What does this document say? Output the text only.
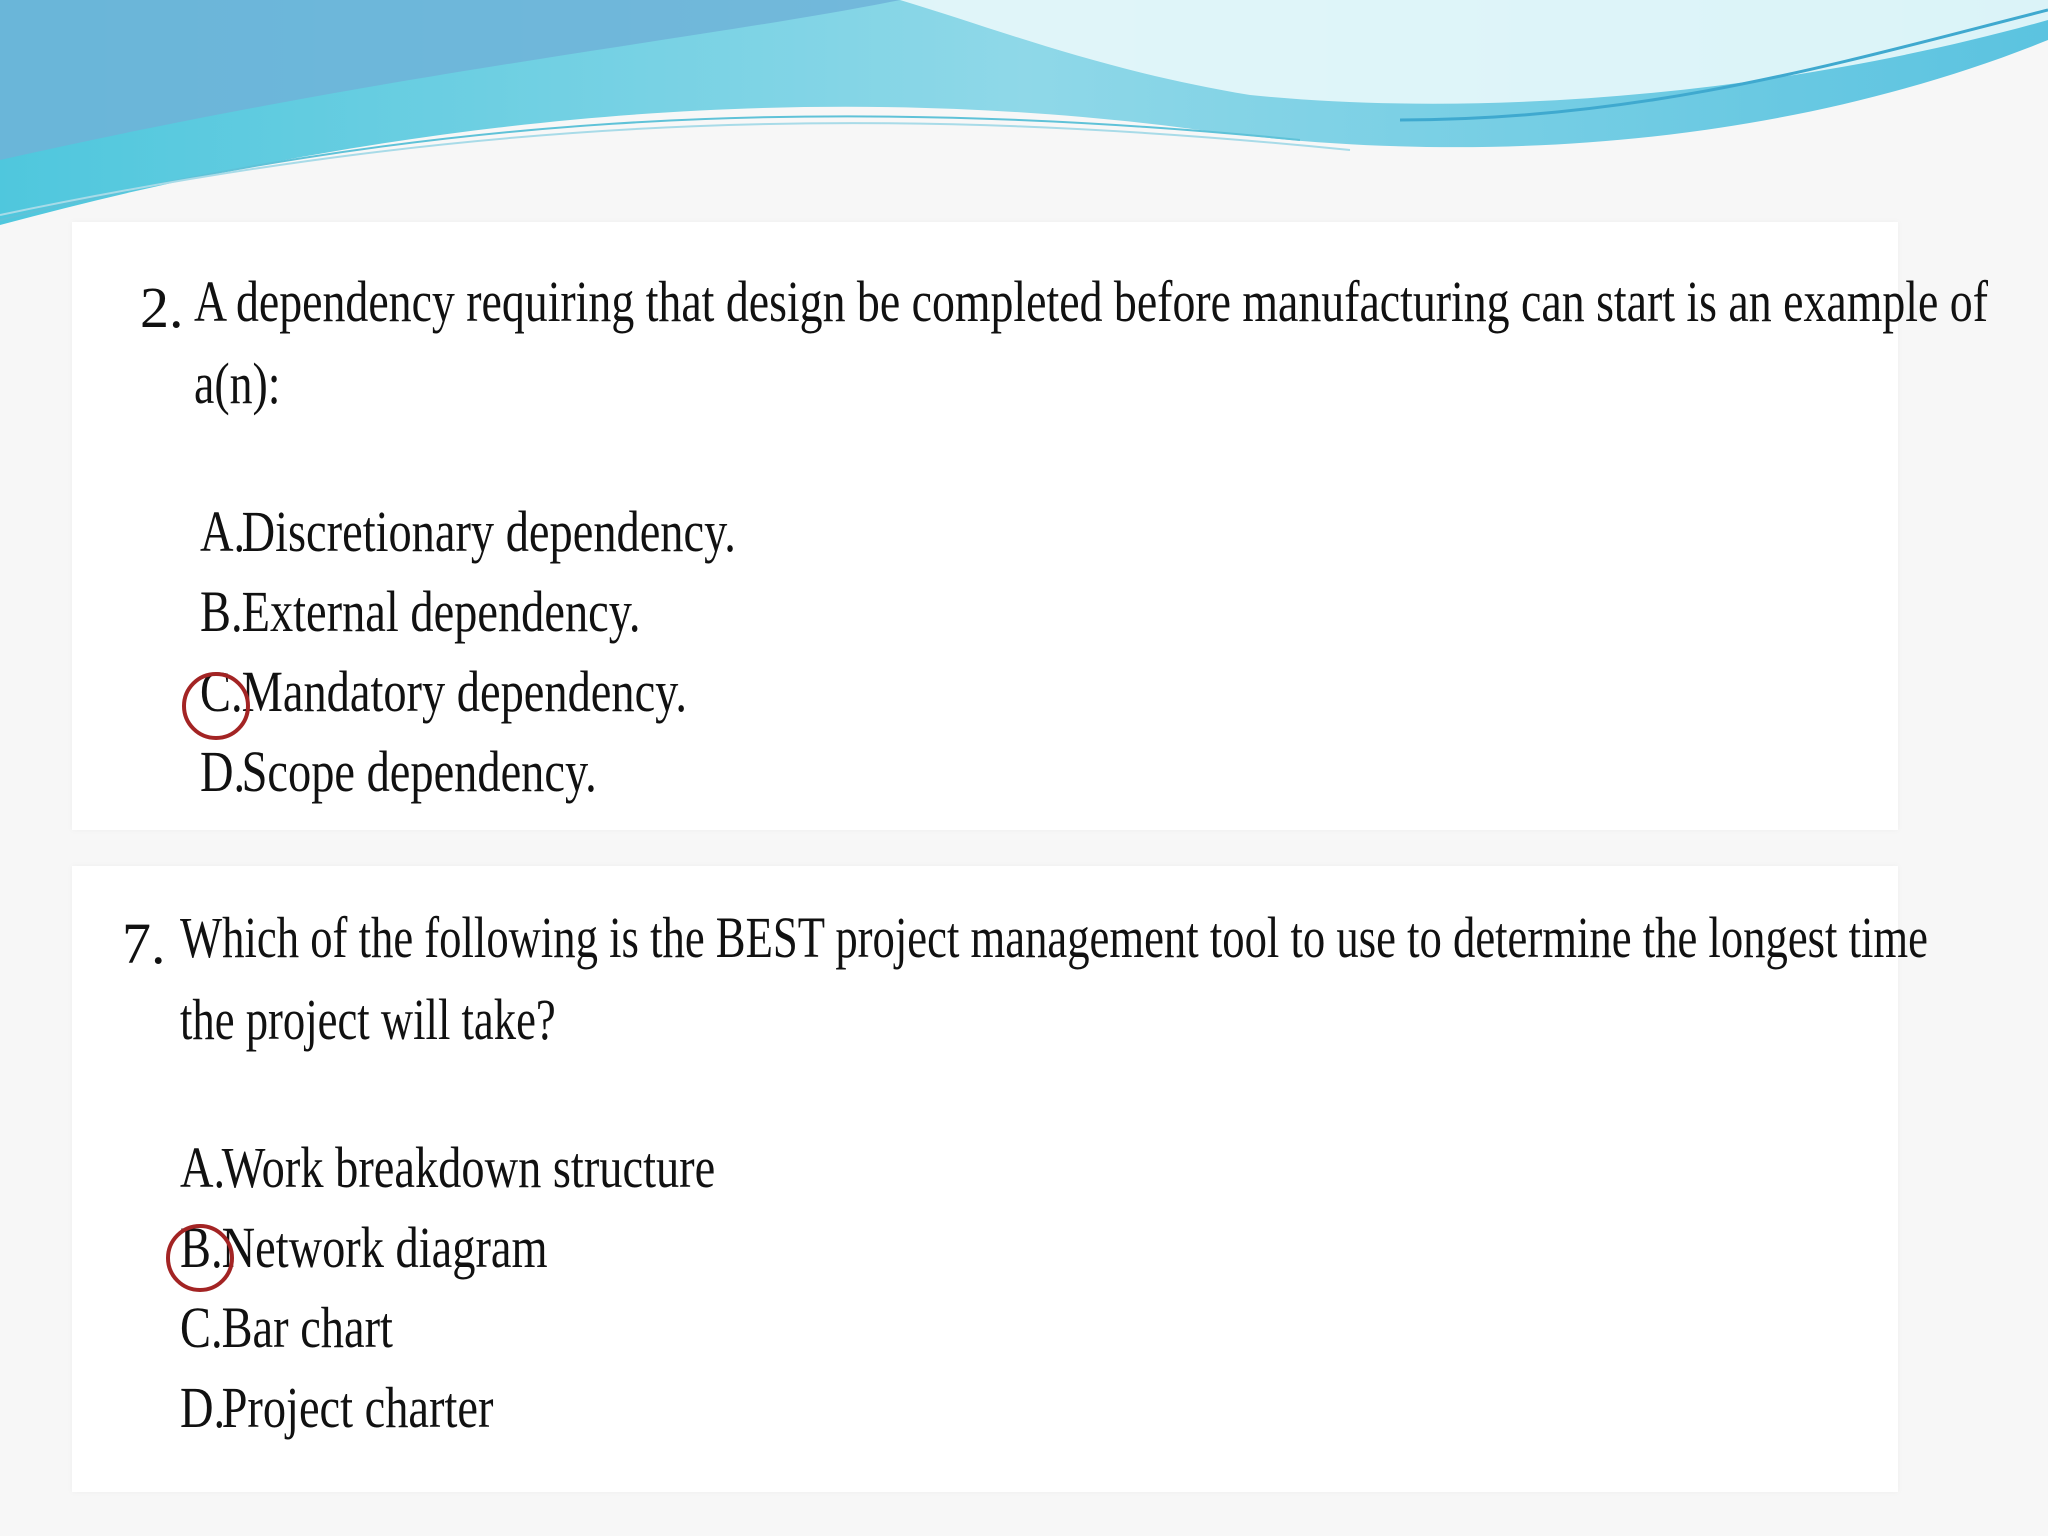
2. A dependency requiring that design be completed before manufacturing can start is an example of

a(n):

A.Discretionary dependency.

B.External dependency.

C.Mandatory dependency.

D.Scope dependency.

7. Which of the following is the BEST project management tool to use to determine the longest time

the project will take?

A.Work breakdown structure

B.Network diagram

C.Bar chart

D.Project charter
